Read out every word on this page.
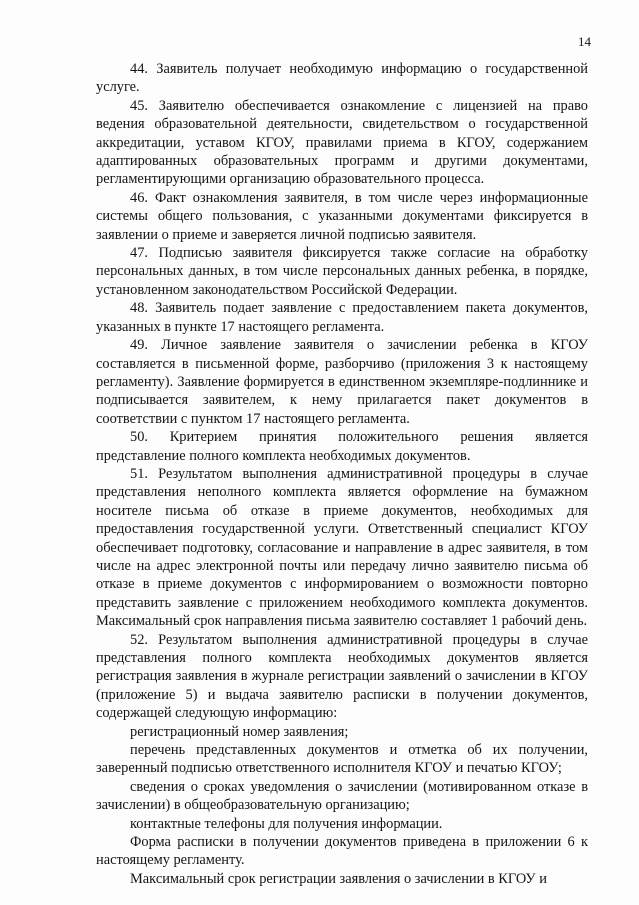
14

44. Заявитель получает необходимую информацию о государственной услуге.

45. Заявителю обеспечивается ознакомление с лицензией на право ведения образовательной деятельности, свидетельством о государственной аккредитации, уставом КГОУ, правилами приема в КГОУ, содержанием адаптированных образовательных программ и другими документами, регламентирующими организацию образовательного процесса.

46. Факт ознакомления заявителя, в том числе через информационные системы общего пользования, с указанными документами фиксируется в заявлении о приеме и заверяется личной подписью заявителя.

47. Подписью заявителя фиксируется также согласие на обработку персональных данных, в том числе персональных данных ребенка, в порядке, установленном законодательством Российской Федерации.

48. Заявитель подает заявление с предоставлением пакета документов, указанных в пункте 17 настоящего регламента.

49. Личное заявление заявителя о зачислении ребенка в КГОУ составляется в письменной форме, разборчиво (приложения 3 к настоящему регламенту). Заявление формируется в единственном экземпляре-подлиннике и подписывается заявителем, к нему прилагается пакет документов в соответствии с пунктом 17 настоящего регламента.

50. Критерием принятия положительного решения является представление полного комплекта необходимых документов.

51. Результатом выполнения административной процедуры в случае представления неполного комплекта является оформление на бумажном носителе письма об отказе в приеме документов, необходимых для предоставления государственной услуги. Ответственный специалист КГОУ обеспечивает подготовку, согласование и направление в адрес заявителя, в том числе на адрес электронной почты или передачу лично заявителю письма об отказе в приеме документов с информированием о возможности повторно представить заявление с приложением необходимого комплекта документов. Максимальный срок направления письма заявителю составляет 1 рабочий день.

52. Результатом выполнения административной процедуры в случае представления полного комплекта необходимых документов является регистрация заявления в журнале регистрации заявлений о зачислении в КГОУ (приложение 5) и выдача заявителю расписки в получении документов, содержащей следующую информацию:

регистрационный номер заявления;

перечень представленных документов и отметка об их получении, заверенный подписью ответственного исполнителя КГОУ и печатью КГОУ;

сведения о сроках уведомления о зачислении (мотивированном отказе в зачислении) в общеобразовательную организацию;

контактные телефоны для получения информации.

Форма расписки в получении документов приведена в приложении 6 к настоящему регламенту.

Максимальный срок регистрации заявления о зачислении в КГОУ и
